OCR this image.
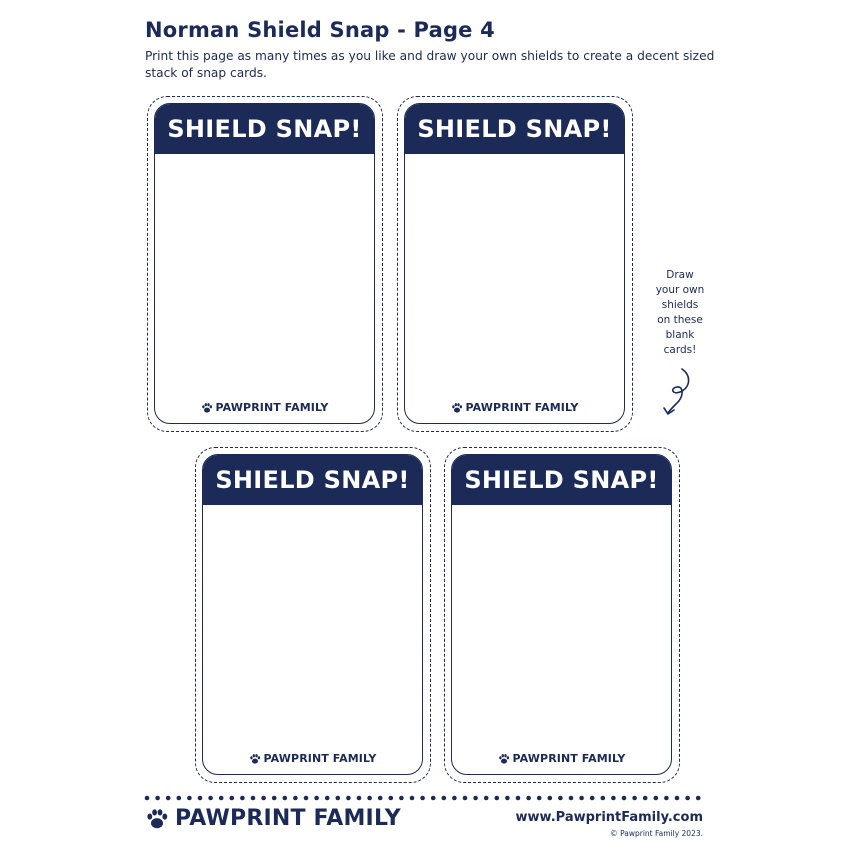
Norman Shield Snap - Page 4
Print this page as many times as you like and draw your own shields to create a decent sized stack of snap cards.
SHIELD SNAP!
PAWPRINT FAMILY
SHIELD SNAP!
PAWPRINT FAMILY
SHIELD SNAP!
PAWPRINT FAMILY
SHIELD SNAP!
PAWPRINT FAMILY
Draw
your own
shields
on these
blank
cards!
PAWPRINT FAMILY	www.PawprintFamily.com
© Pawprint Family 2023.
